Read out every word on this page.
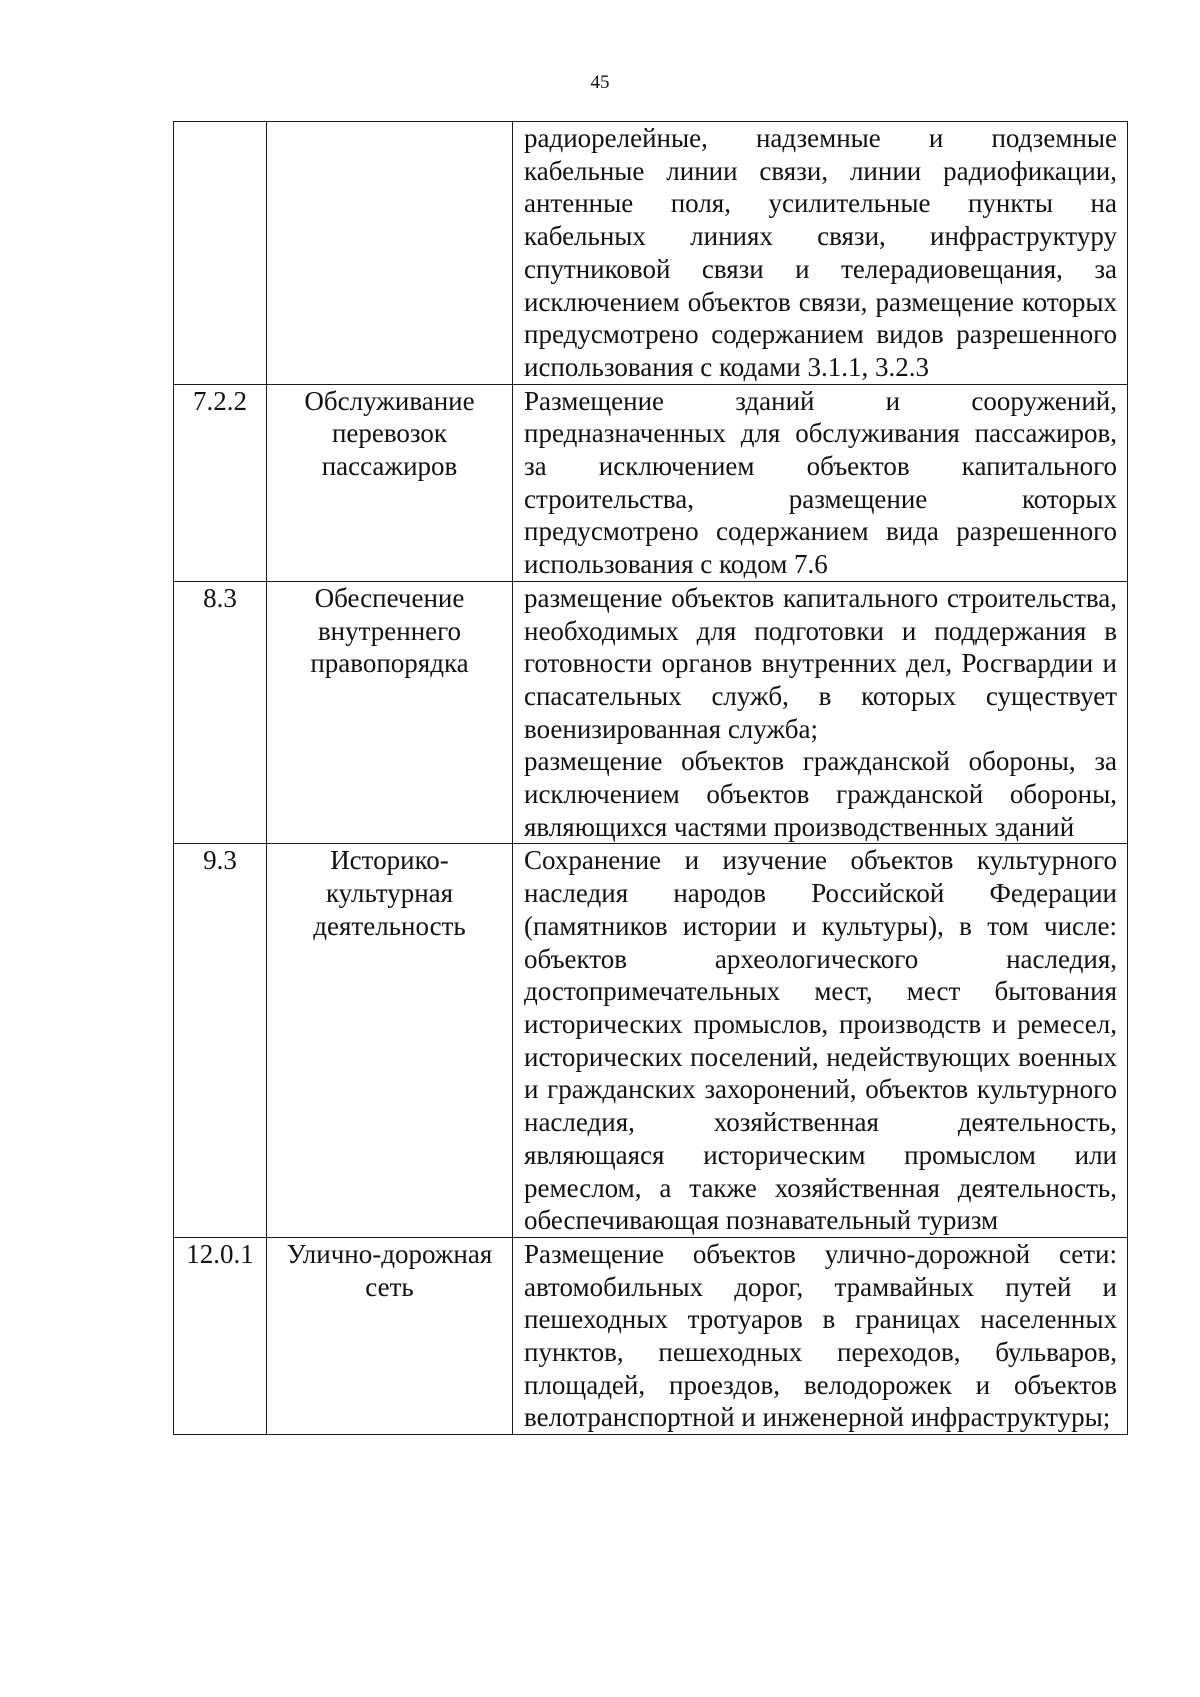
45

		радиорелейные, надземные и подземные кабельные линии связи, линии радиофикации, антенные поля, усилительные пункты на кабельных линиях связи, инфраструктуру спутниковой связи и телерадиовещания, за исключением объектов связи, размещение которых предусмотрено содержанием видов разрешенного использования с кодами 3.1.1, 3.2.3

7.2.2	Обслуживание перевозок пассажиров	Размещение зданий и сооружений, предназначенных для обслуживания пассажиров, за исключением объектов капитального строительства, размещение которых предусмотрено содержанием вида разрешенного использования с кодом 7.6

8.3	Обеспечение внутреннего правопорядка	размещение объектов капитального строительства, необходимых для подготовки и поддержания в готовности органов внутренних дел, Росгвардии и спасательных служб, в которых существует военизированная служба;
размещение объектов гражданской обороны, за исключением объектов гражданской обороны, являющихся частями производственных зданий

9.3	Историко-культурная деятельность	Сохранение и изучение объектов культурного наследия народов Российской Федерации (памятников истории и культуры), в том числе: объектов археологического наследия, достопримечательных мест, мест бытования исторических промыслов, производств и ремесел, исторических поселений, недействующих военных и гражданских захоронений, объектов культурного наследия, хозяйственная деятельность, являющаяся историческим промыслом или ремеслом, а также хозяйственная деятельность, обеспечивающая познавательный туризм

12.0.1	Улично-дорожная сеть	Размещение объектов улично-дорожной сети: автомобильных дорог, трамвайных путей и пешеходных тротуаров в границах населенных пунктов, пешеходных переходов, бульваров, площадей, проездов, велодорожек и объектов велотранспортной и инженерной инфраструктуры;
